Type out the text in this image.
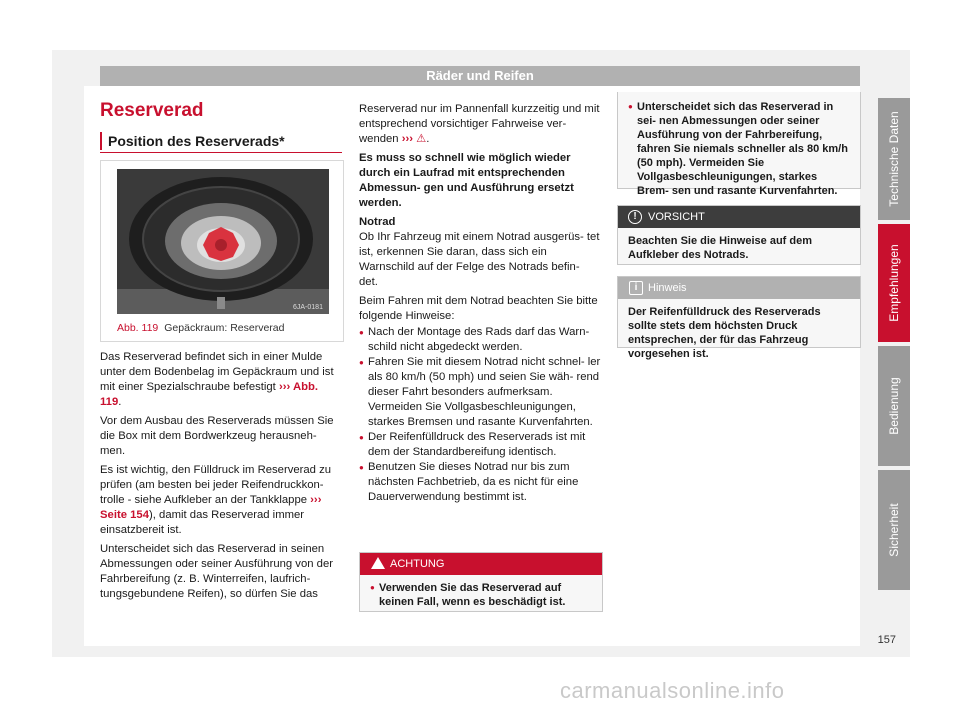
Räder und Reifen
Reserverad
Position des Reserverads*
6JA-0181
Abb. 119 Gepäckraum: Reserverad

Das Reserverad befindet sich in einer Mulde unter dem Bodenbelag im Gepäckraum und ist mit einer Spezialschraube befestigt ››› Abb. 119.

Vor dem Ausbau des Reserverads müssen Sie die Box mit dem Bordwerkzeug herausneh- men.

Es ist wichtig, den Fülldruck im Reserverad zu prüfen (am besten bei jeder Reifendruckkon- trolle - siehe Aufkleber an der Tankklappe ››› Seite 154), damit das Reserverad immer einsatzbereit ist.

Unterscheidet sich das Reserverad in seinen Abmessungen oder seiner Ausführung von der Fahrbereifung (z. B. Winterreifen, laufrich- tungsgebundene Reifen), so dürfen Sie das

Reserverad nur im Pannenfall kurzzeitig und mit entsprechend vorsichtiger Fahrweise ver- wenden ››› ⚠.

Es muss so schnell wie möglich wieder durch ein Laufrad mit entsprechenden Abmessun- gen und Ausführung ersetzt werden.

Notrad

Ob Ihr Fahrzeug mit einem Notrad ausgerüs- tet ist, erkennen Sie daran, dass sich ein Warnschild auf der Felge des Notrads befin- det.

Beim Fahren mit dem Notrad beachten Sie bitte folgende Hinweise:

● Nach der Montage des Rads darf das Warn- schild nicht abgedeckt werden.
● Fahren Sie mit diesem Notrad nicht schnel- ler als 80 km/h (50 mph) und seien Sie wäh- rend dieser Fahrt besonders aufmerksam. Vermeiden Sie Vollgasbeschleunigungen, starkes Bremsen und rasante Kurvenfahrten.
● Der Reifenfülldruck des Reserverads ist mit dem der Standardbereifung identisch.
● Benutzen Sie dieses Notrad nur bis zum nächsten Fachbetrieb, da es nicht für eine Dauerverwendung bestimmt ist.
ACHTUNG
● Verwenden Sie das Reserverad auf keinen Fall, wenn es beschädigt ist.
● Unterscheidet sich das Reserverad in sei- nen Abmessungen oder seiner Ausführung von der Fahrbereifung, fahren Sie niemals schneller als 80 km/h (50 mph). Vermeiden Sie Vollgasbeschleunigungen, starkes Brem- sen und rasante Kurvenfahrten.
!	VORSICHT
Beachten Sie die Hinweise auf dem Aufkleber des Notrads.
i Hinweis
Der Reifenfülldruck des Reserverads sollte stets dem höchsten Druck entsprechen, der für das Fahrzeug vorgesehen ist.
Technische Daten
Empfehlungen
Bedienung
Sicherheit
157
carmanualsonline.info
